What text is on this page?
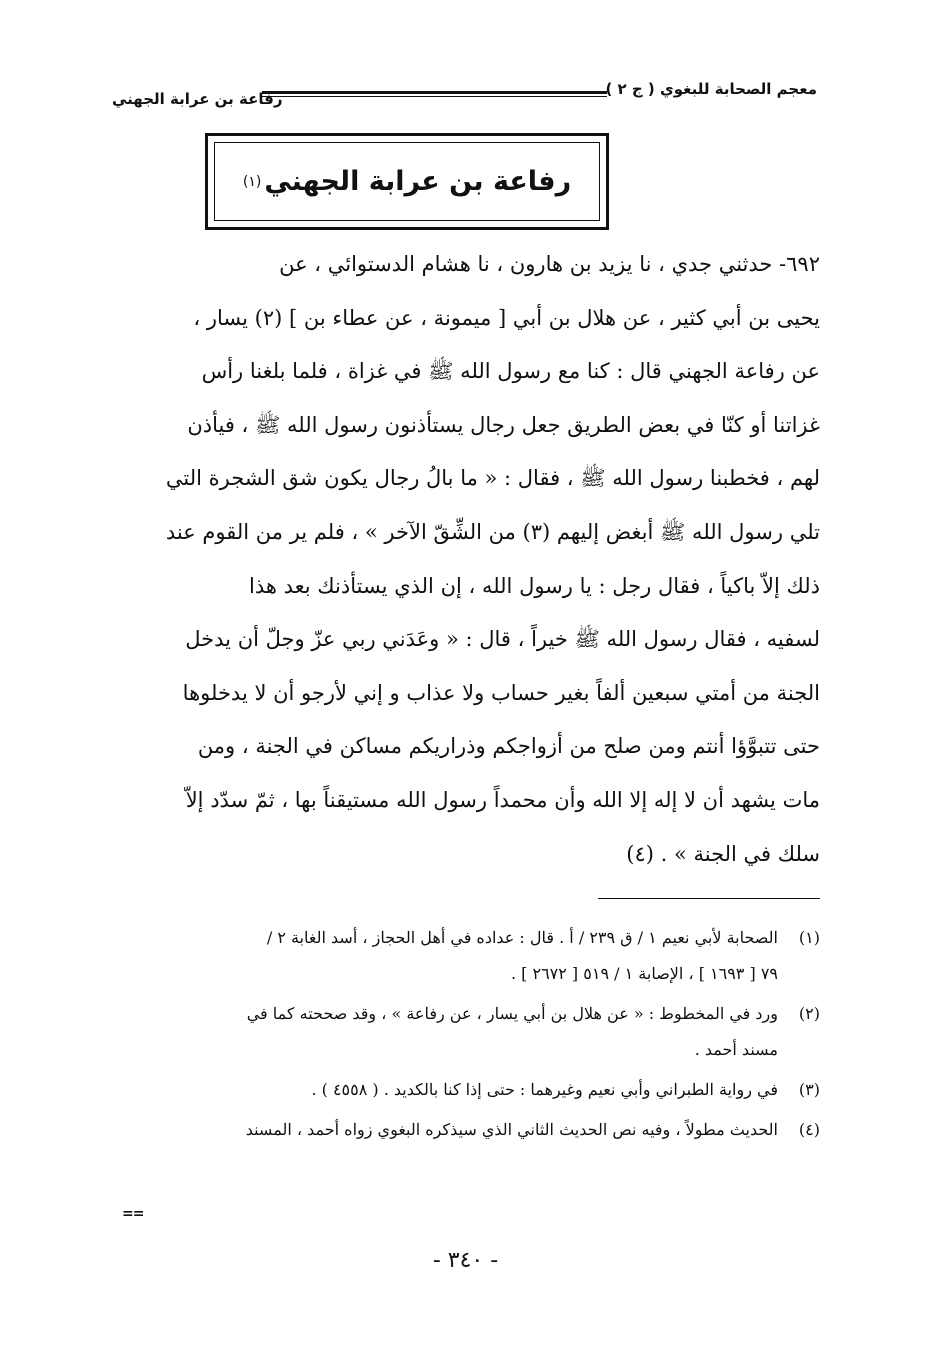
معجم الصحابة للبغوي ( ج ٢ )
رفاعة بن عرابة الجهني
رفاعة بن عرابة الجهني
(١)
٦٩٢- حدثني جدي ، نا يزيد بن هارون ، نا هشام الدستوائي ، عن
يحيى بن أبي كثير ، عن هلال بن أبي [ ميمونة ، عن عطاء بن ] (٢) يسار ،
عن رفاعة الجهني قال : كنا مع رسول الله ﷺ في غزاة ، فلما بلغنا رأس
غزاتنا أو كنّا في بعض الطريق جعل رجال يستأذنون رسول الله ﷺ ، فيأذن
لهم ، فخطبنا رسول الله ﷺ ، فقال : « ما بالُ رجال يكون شق الشجرة التي
تلي رسول الله ﷺ أبغض إليهم (٣) من الشِّقّ الآخر » ، فلم ير من القوم عند
ذلك إلاّ باكياً ، فقال رجل : يا رسول الله ، إن الذي يستأذنك بعد هذا
لسفيه ، فقال رسول الله ﷺ خيراً ، قال : « وعَدَني ربي عزّ وجلّ أن يدخل
الجنة من أمتي سبعين ألفاً بغير حساب ولا عذاب و إني لأرجو أن لا يدخلوها
حتى تتبوَّؤا أنتم ومن صلح من أزواجكم وذراريكم مساكن في الجنة ، ومن
مات يشهد أن لا إله إلا الله وأن محمداً رسول الله مستيقناً بها ، ثمّ سدّد إلاّ
سلك في الجنة » . (٤)
(١)
الصحابة لأبي نعيم ١ / ق ٢٣٩ / أ . قال : عداده في أهل الحجاز ، أسد الغابة ٢ /
٧٩ [ ١٦٩٣ ] ، الإصابة ١ / ٥١٩ [ ٢٦٧٢ ] .
(٢)
ورد في المخطوط : « عن هلال بن أبي يسار ، عن رفاعة » ، وقد صححته كما في
مسند أحمد .
(٣)
في رواية الطبراني وأبي نعيم وغيرهما : حتى إذا كنا بالكديد . ( ٤٥٥٨ ) .
(٤)
الحديث مطولاً ، وفيه نص الحديث الثاني الذي سيذكره البغوي زواه أحمد ، المسند
==
- ٣٤٠ -
